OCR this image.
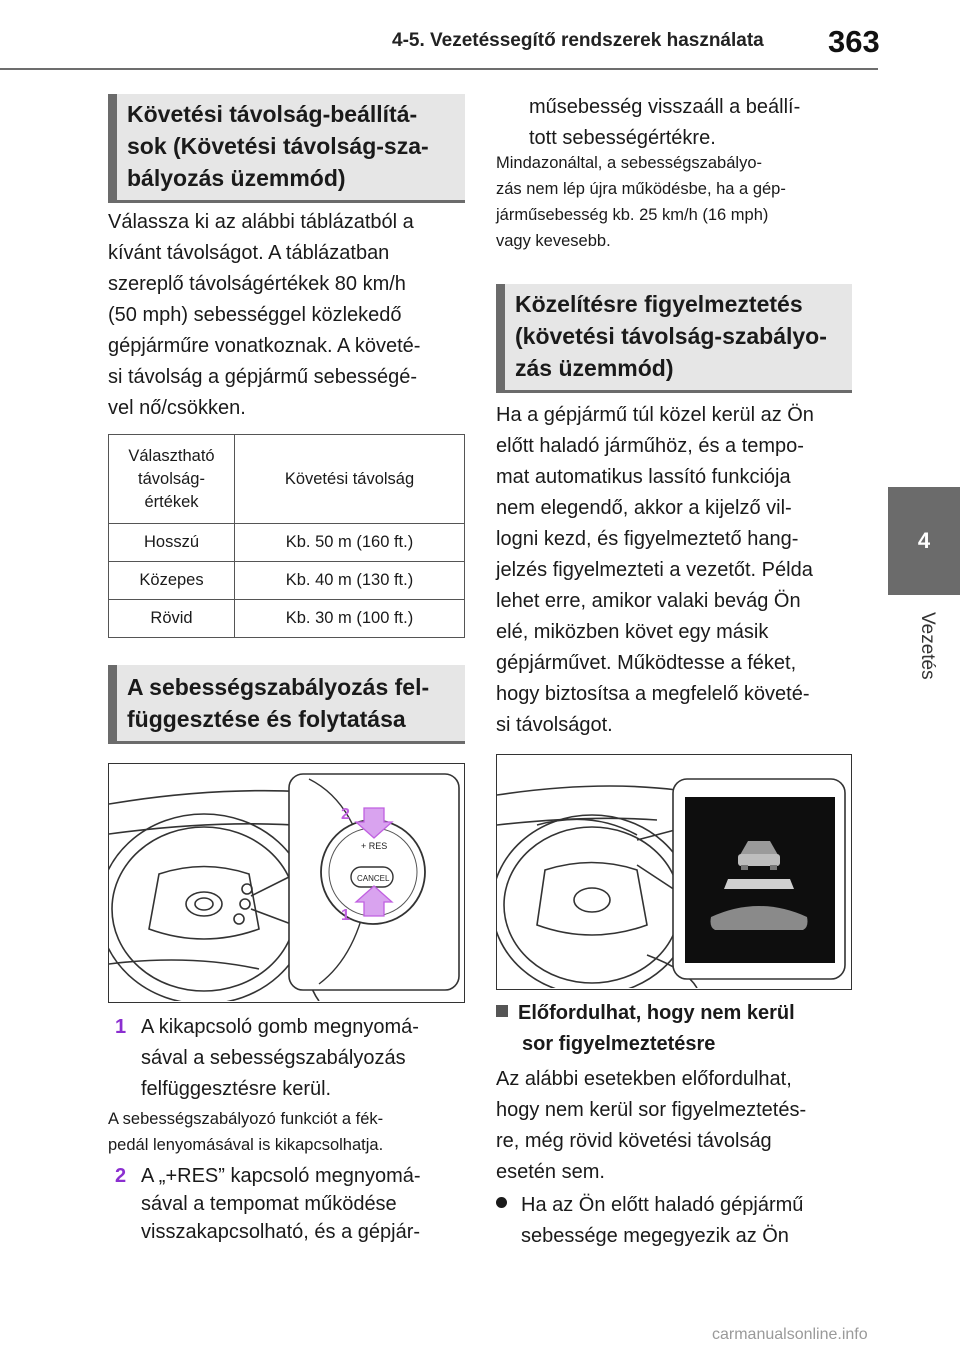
4-5. Vezetéssegítő rendszerek használata 363
4
Vezetés
Követési távolság-beállítá-
sok (Követési távolság-sza-
bályozás üzemmód)
Válassza ki az alábbi táblázatból a
kívánt távolságot. A táblázatban
szereplő távolságértékek 80 km/h
(50 mph) sebességgel közlekedő
gépjárműre vonatkoznak. A követé-
si távolság a gépjármű sebességé-
vel nő/csökken.
Választható
távolság-
értékek	Követési távolság
Hosszú	Kb. 50 m (160 ft.)
Közepes	Kb. 40 m (130 ft.)
Rövid	Kb. 30 m (100 ft.)
A sebességszabályozás fel-
függesztése és folytatása
+ RES
CANCEL
2
1
1 A kikapcsoló gomb megnyomá-
sával a sebességszabályozás
felfüggesztésre kerül.
A sebességszabályozó funkciót a fék-
pedál lenyomásával is kikapcsolhatja.
2 A „+RES” kapcsoló megnyomá-
sával a tempomat működése
visszakapcsolható, és a gépjár-
műsebesség visszaáll a beállí-
tott sebességértékre.
Mindazonáltal, a sebességszabályo-
zás nem lép újra működésbe, ha a gép-
járműsebesség kb. 25 km/h (16 mph)
vagy kevesebb.
Közelítésre figyelmeztetés
(követési távolság-szabályo-
zás üzemmód)
Ha a gépjármű túl közel kerül az Ön
előtt haladó járműhöz, és a tempo-
mat automatikus lassító funkciója
nem elegendő, akkor a kijelző vil-
logni kezd, és figyelmeztető hang-
jelzés figyelmezteti a vezetőt. Példa
lehet erre, amikor valaki bevág Ön
elé, miközben követ egy másik
gépjárművet. Működtesse a féket,
hogy biztosítsa a megfelelő követé-
si távolságot.
Előfordulhat, hogy nem kerül
sor figyelmeztetésre
Az alábbi esetekben előfordulhat,
hogy nem kerül sor figyelmeztetés-
re, még rövid követési távolság
esetén sem.
Ha az Ön előtt haladó gépjármű
sebessége megegyezik az Ön
carmanualsonline.info
